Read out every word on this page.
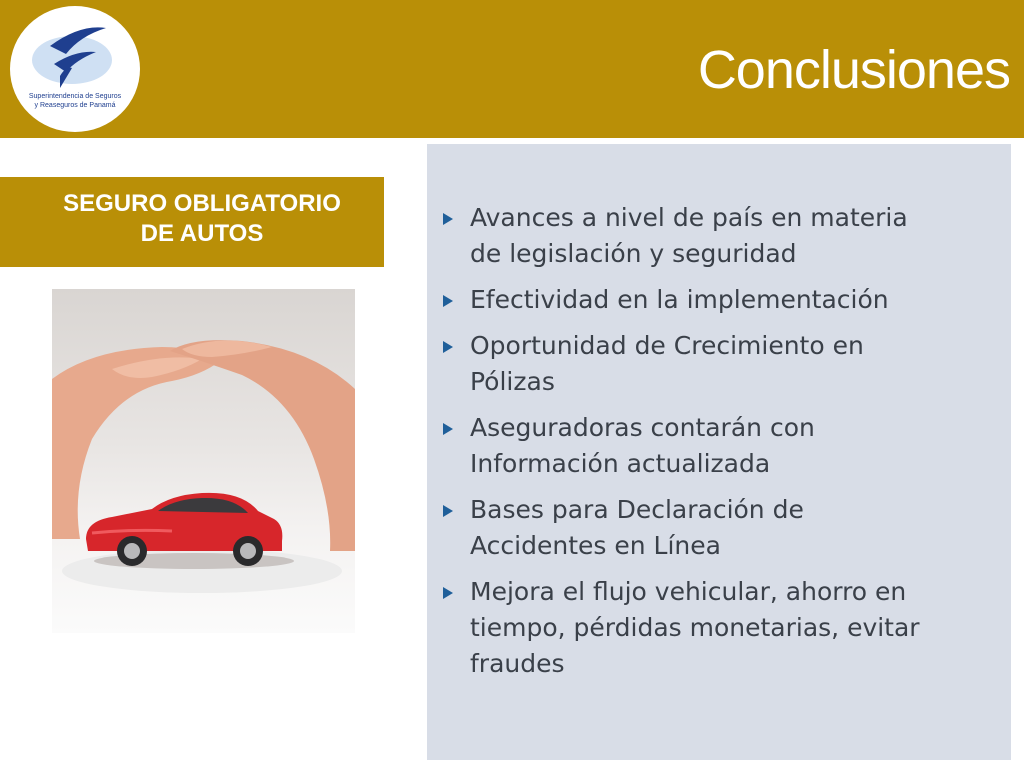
Superintendencia de Seguros
y Reaseguros de Panamá
Conclusiones
SEGURO OBLIGATORIO
DE AUTOS
Avances a nivel de país en materia
de legislación y seguridad
Efectividad en la implementación
Oportunidad de Crecimiento en
Pólizas
Aseguradoras contarán con
Información actualizada
Bases para Declaración de
Accidentes en Línea
Mejora el flujo vehicular, ahorro en
tiempo, pérdidas monetarias, evitar
fraudes
